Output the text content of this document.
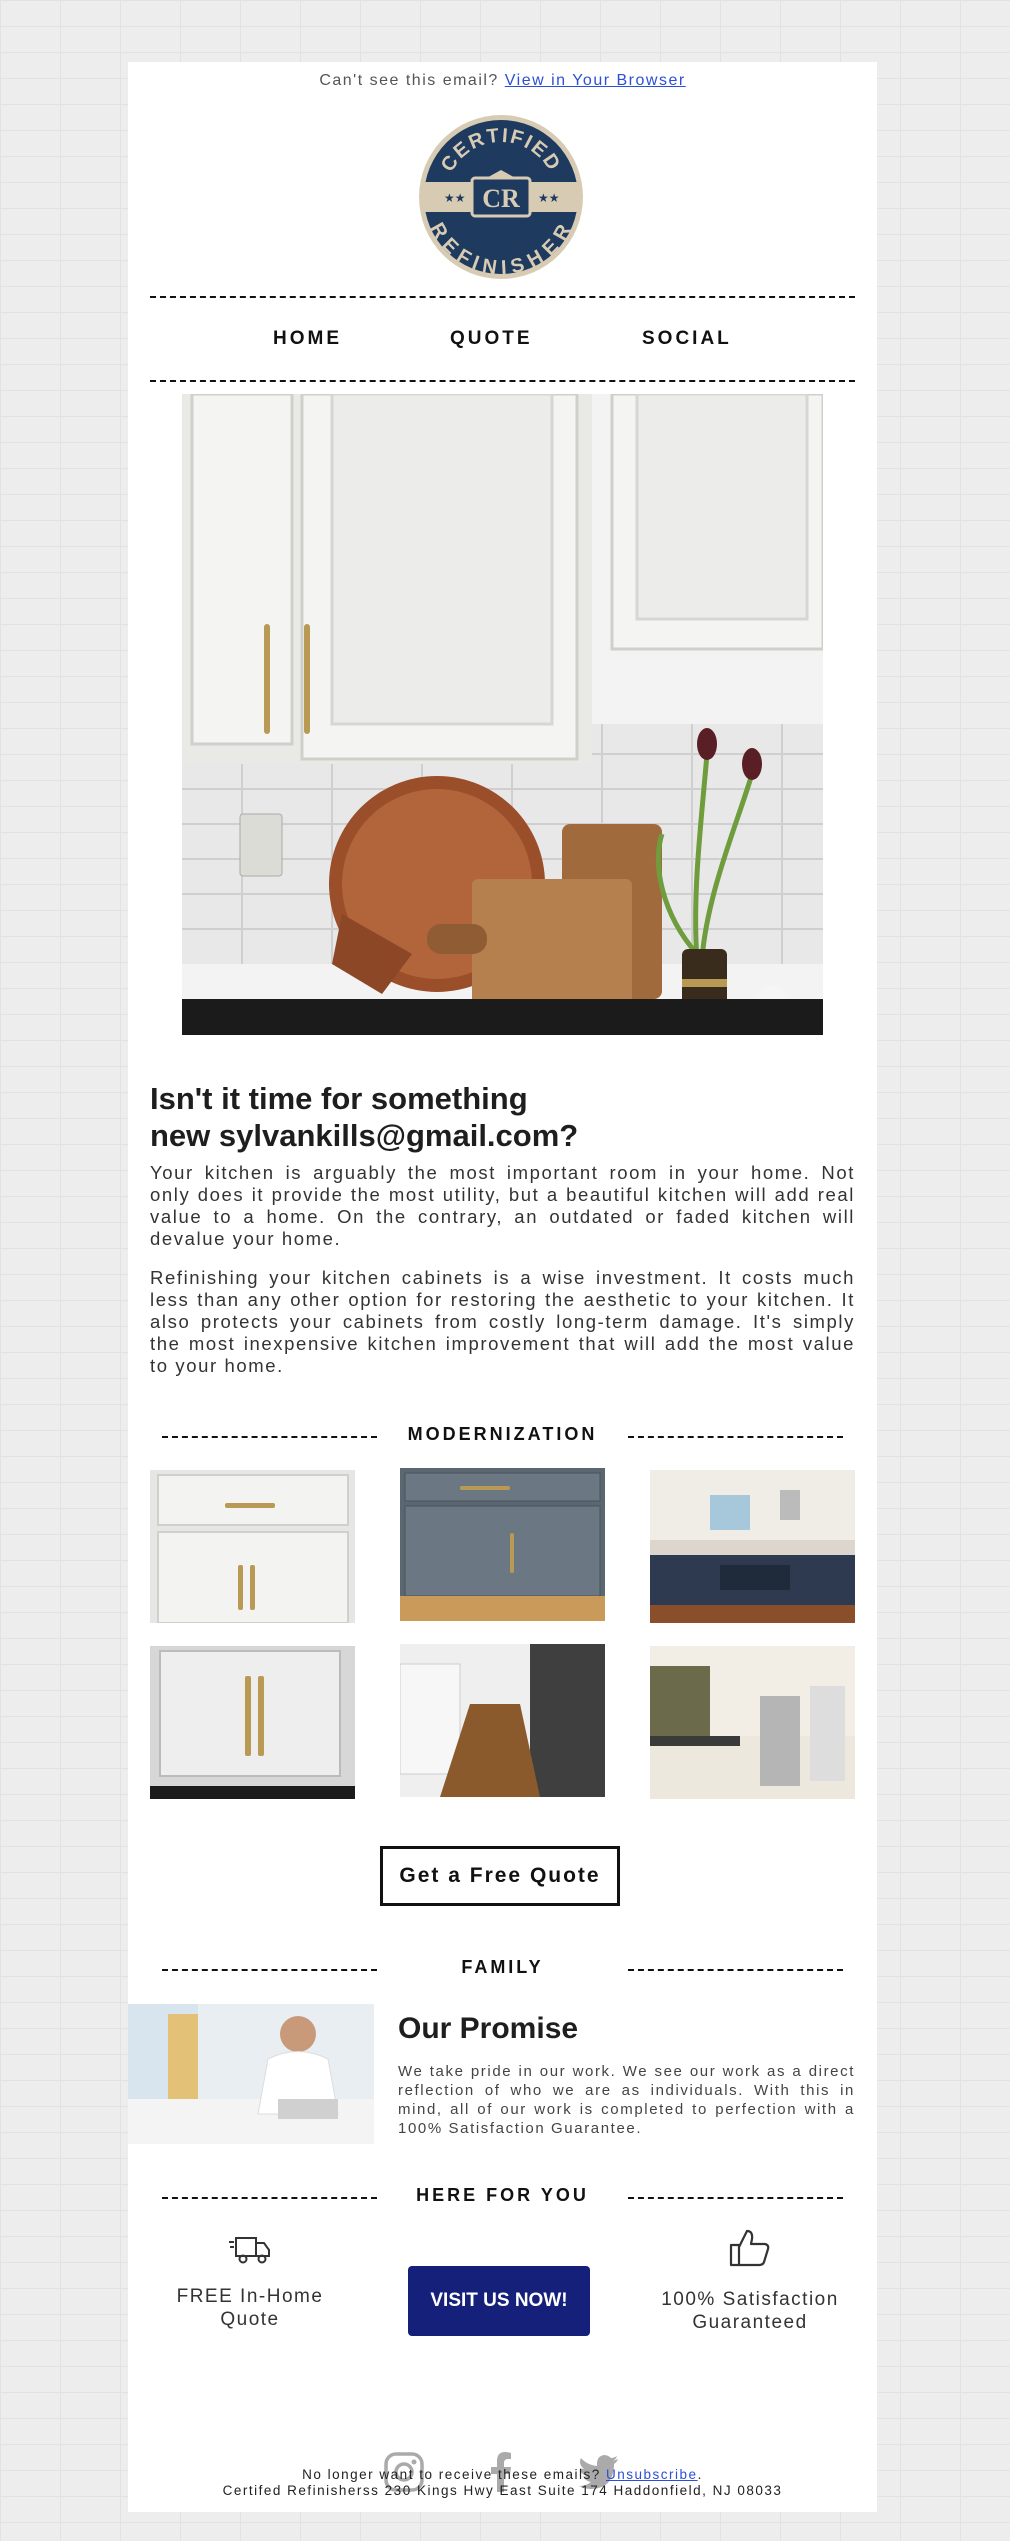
Can't see this email? View in Your Browser
CR
★★	★★
CERTIFIED
REFINISHER
HOME	QUOTE	SOCIAL
Isn't it time for something
new sylvankills@gmail.com?

Your kitchen is arguably the most important room in your home. Not only does it provide the most utility, but a beautiful kitchen will add real value to a home. On the contrary, an outdated or faded kitchen will devalue your home.

Refinishing your kitchen cabinets is a wise investment. It costs much less than any other option for restoring the aesthetic to your kitchen. It also protects your cabinets from costly long-term damage. It's simply the most inexpensive kitchen improvement that will add the most value to your home.

MODERNIZATION
Get a Free Quote
FAMILY
Our Promise

We take pride in our work. We see our work as a direct reflection of who we are as individuals. With this in mind, all of our work is completed to perfection with a 100% Satisfaction Guarantee.

HERE FOR YOU
FREE In-Home
Quote
VISIT US NOW!	100% Satisfaction
Guaranteed
No longer want to receive these emails? Unsubscribe.
Certifed Refinisherss 230 Kings Hwy East Suite 174 Haddonfield, NJ 08033
